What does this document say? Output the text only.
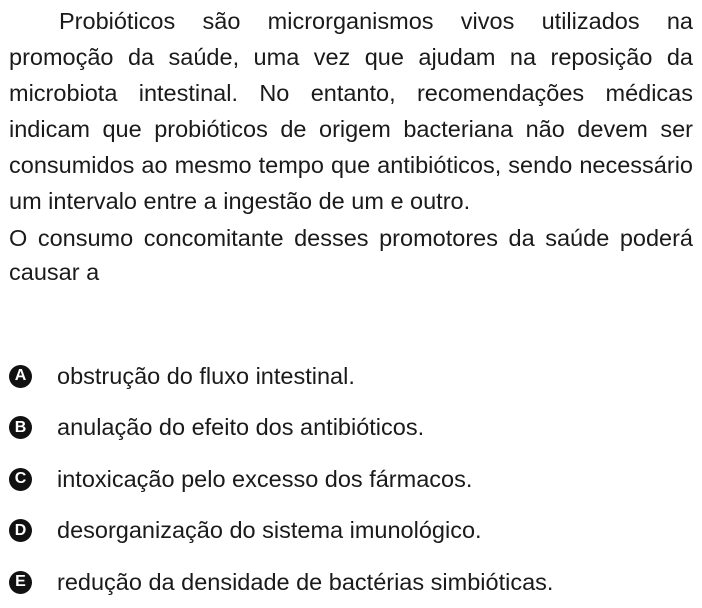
Probióticos são microrganismos vivos utilizados na promoção da saúde, uma vez que ajudam na reposição da microbiota intestinal. No entanto, recomendações médicas indicam que probióticos de origem bacteriana não devem ser consumidos ao mesmo tempo que antibióticos, sendo necessário um intervalo entre a ingestão de um e outro.

O consumo concomitante desses promotores da saúde poderá causar a

A obstrução do fluxo intestinal.
B anulação do efeito dos antibióticos.
C intoxicação pelo excesso dos fármacos.
D desorganização do sistema imunológico.
E redução da densidade de bactérias simbióticas.
